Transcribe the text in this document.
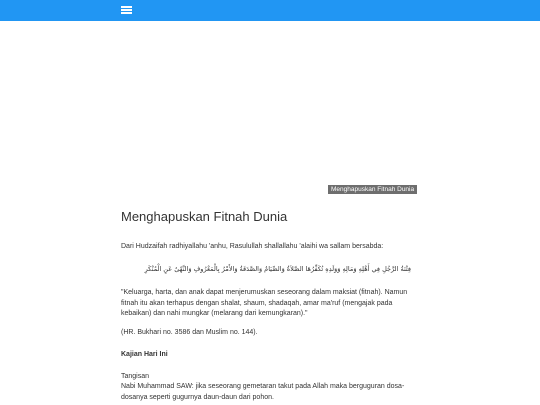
Menghapuskan Fitnah Dunia
Menghapuskan Fitnah Dunia

Dari Hudzaifah radhiyallahu 'anhu, Rasulullah shallallahu 'alaihi wa sallam bersabda:

فِتْنَةُ الرَّجُلِ فِي أَهْلِهِ وَمَالِهِ وَوَلَدِهِ تُكَفِّرُهَا الصَّلاَةُ وَالصِّيَامُ وَالصَّدَقَةُ وَالأَمْرُ بِالْمَعْرُوفِ وَالنَّهْىُ عَنِ الْمُنْكَرِ

"Keluarga, harta, dan anak dapat menjerumuskan seseorang dalam maksiat (fitnah). Namun fitnah itu akan terhapus dengan shalat, shaum, shadaqah, amar ma'ruf (mengajak pada kebaikan) dan nahi mungkar (melarang dari kemungkaran)."

(HR. Bukhari no. 3586 dan Muslim no. 144).

Kajian Hari Ini

Tangisan

Nabi Muhammad SAW: jika seseorang gemetaran takut pada Allah maka berguguran dosa-dosanya seperti gugurnya daun-daun dari pohon.
